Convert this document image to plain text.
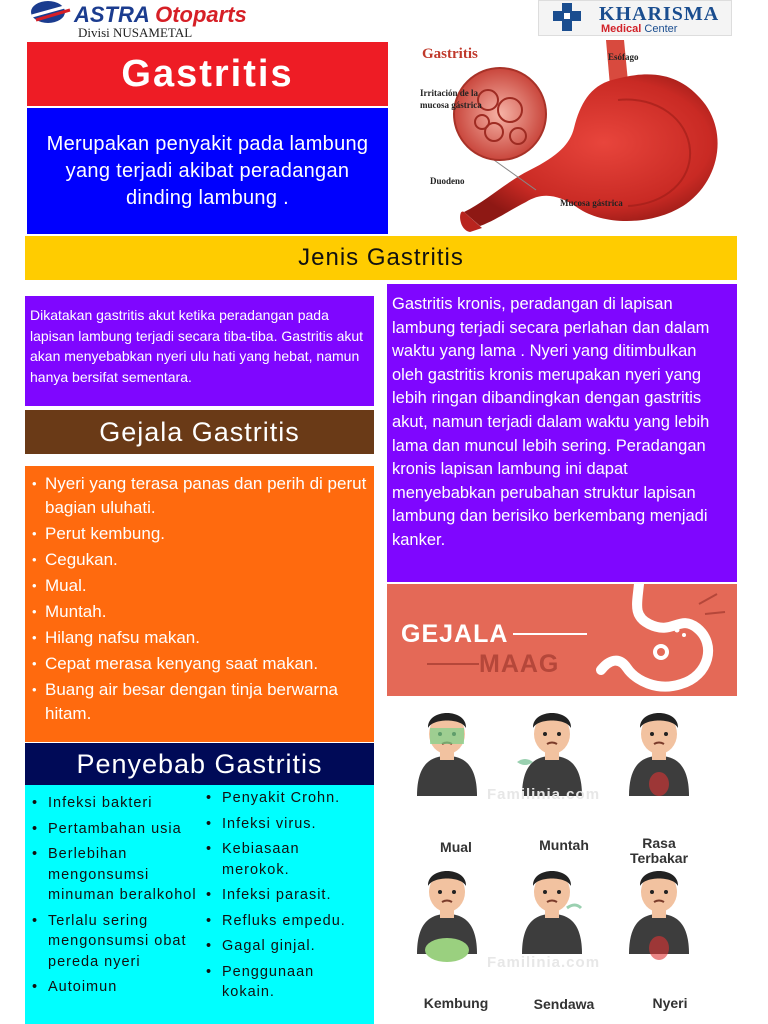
ASTRA Otoparts
Divisi NUSAMETAL
KHARISMA
Medical Center
Gastritis
Merupakan penyakit pada lambung yang terjadi akibat peradangan dinding lambung .
Gastritis	Esófago
Irritación de la
mucosa gástrica
Duodeno
Mucosa gástrica
Jenis Gastritis
Dikatakan gastritis akut ketika peradangan pada lapisan lambung terjadi secara tiba-tiba. Gastritis akut akan menyebabkan nyeri ulu hati yang hebat, namun hanya bersifat sementara.
Gastritis kronis, peradangan di lapisan lambung terjadi secara perlahan dan dalam waktu yang lama . Nyeri yang ditimbulkan oleh gastritis kronis merupakan nyeri yang lebih ringan dibandingkan dengan gastritis akut, namun terjadi dalam waktu yang lebih lama dan muncul lebih sering. Peradangan kronis lapisan lambung ini dapat menyebabkan perubahan struktur lapisan lambung dan berisiko berkembang menjadi kanker.
Gejala Gastritis
• Nyeri yang terasa panas dan perih di perut bagian uluhati.
• Perut kembung.
• Cegukan.
• Mual.
• Muntah.
• Hilang nafsu makan.
• Cepat merasa kenyang saat makan.
• Buang air besar dengan tinja berwarna hitam.
Penyebab Gastritis
• Infeksi bakteri
• Pertambahan usia
• Berlebihan mengonsumsi minuman beralkohol
• Terlalu sering mengonsumsi obat pereda nyeri
• Autoimun
• Penyakit Crohn.
• Infeksi virus.
• Kebiasaan merokok.
• Infeksi parasit.
• Refluks empedu.
• Gagal ginjal.
• Penggunaan kokain.
GEJALA
MAAG
Familinia.com
Familinia.com
Mual	Muntah	Rasa Terbakar
Kembung	Sendawa	Nyeri
